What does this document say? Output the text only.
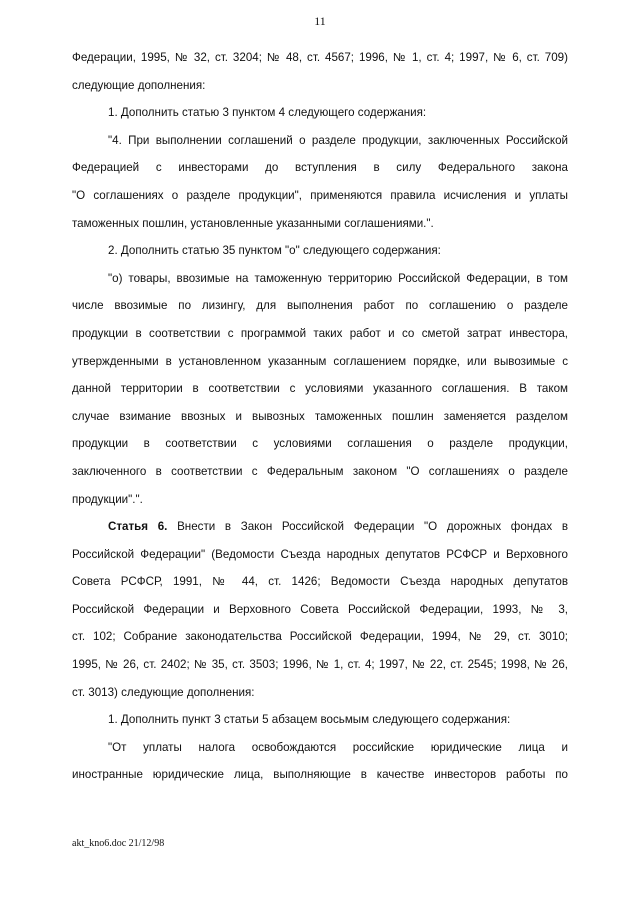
11
Федерации, 1995, № 32, ст. 3204; № 48, ст. 4567; 1996, № 1, ст. 4; 1997, № 6, ст. 709)
следующие дополнения:
1. Дополнить статью 3 пунктом 4 следующего содержания:
"4. При выполнении соглашений о разделе продукции, заключенных Российской
Федерацией с инвесторами до вступления в силу Федерального закона
"О соглашениях о разделе продукции", применяются правила исчисления и уплаты
таможенных пошлин, установленные указанными соглашениями.".
2. Дополнить статью 35 пунктом "о" следующего содержания:
"о) товары, ввозимые на таможенную территорию Российской Федерации, в том
числе ввозимые по лизингу, для выполнения работ по соглашению о разделе
продукции в соответствии с программой таких работ и со сметой затрат инвестора,
утвержденными в установленном указанным соглашением порядке, или вывозимые с
данной территории в соответствии с условиями указанного соглашения. В таком
случае взимание ввозных и вывозных таможенных пошлин заменяется разделом
продукции в соответствии с условиями соглашения о разделе продукции,
заключенного в соответствии с Федеральным законом "О соглашениях о разделе
продукции".".
Статья 6. Внести в Закон Российской Федерации "О дорожных фондах в
Российской Федерации" (Ведомости Съезда народных депутатов РСФСР и Верховного
Совета РСФСР, 1991, № 44, ст. 1426; Ведомости Съезда народных депутатов
Российской Федерации и Верховного Совета Российской Федерации, 1993, № 3,
ст. 102; Собрание законодательства Российской Федерации, 1994, № 29, ст. 3010;
1995, № 26, ст. 2402; № 35, ст. 3503; 1996, № 1, ст. 4; 1997, № 22, ст. 2545; 1998, № 26,
ст. 3013) следующие дополнения:
1. Дополнить пункт 3 статьи 5 абзацем восьмым следующего содержания:
"От уплаты налога освобождаются российские юридические лица и
иностранные юридические лица, выполняющие в качестве инвесторов работы по
akt_kno6.doc 21/12/98
